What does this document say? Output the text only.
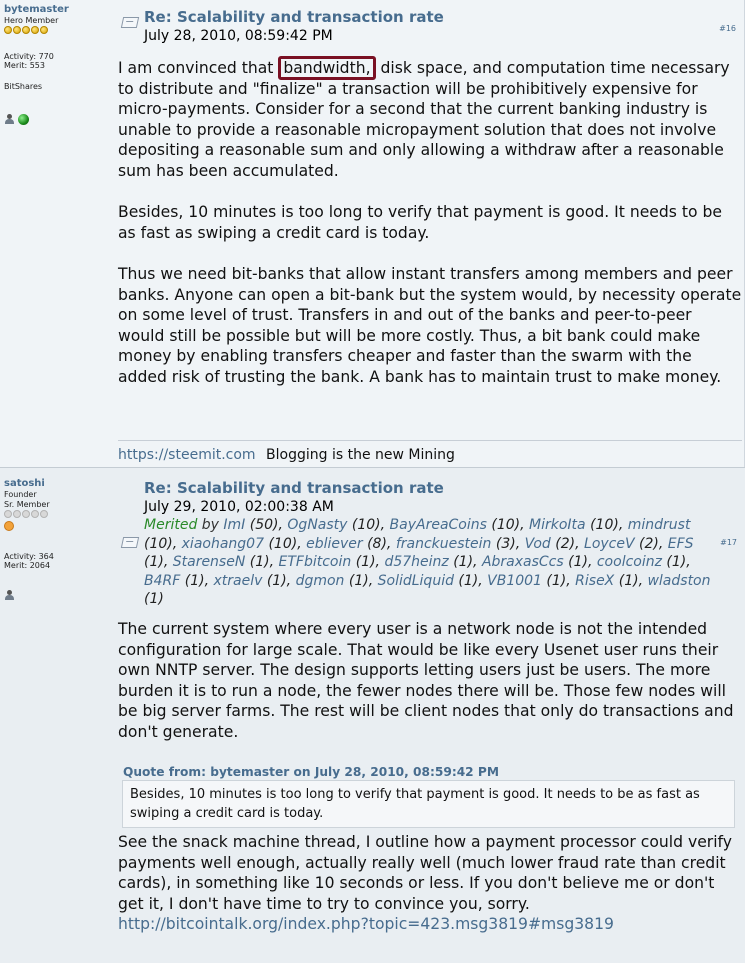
bytemaster
Hero Member
Activity: 770
Merit: 553
BitShares
Re: Scalability and transaction rate
July 28, 2010, 08:59:42 PM	#16

I am convinced that bandwidth, disk space, and computation time necessary to distribute and "finalize" a transaction will be prohibitively expensive for micro-payments. Consider for a second that the current banking industry is unable to provide a reasonable micropayment solution that does not involve depositing a reasonable sum and only allowing a withdraw after a reasonable sum has been accumulated.

Besides, 10 minutes is too long to verify that payment is good. It needs to be as fast as swiping a credit card is today.

Thus we need bit-banks that allow instant transfers among members and peer banks. Anyone can open a bit-bank but the system would, by necessity operate on some level of trust. Transfers in and out of the banks and peer-to-peer would still be possible but will be more costly. Thus, a bit bank could make money by enabling transfers cheaper and faster than the swarm with the added risk of trusting the bank. A bank has to maintain trust to make money.

https://steemit.com Blogging is the new Mining
satoshi
Founder
Sr. Member
Activity: 364
Merit: 2064
Re: Scalability and transaction rate
July 29, 2010, 02:00:38 AM
#17
Merited by ImI (50), OgNasty (10), BayAreaCoins (10), MirkoIta (10), mindrust (10), xiaohang07 (10), ebliever (8), franckuestein (3), Vod (2), LoyceV (2), EFS (1), StarenseN (1), ETFbitcoin (1), d57heinz (1), AbraxasCcs (1), coolcoinz (1), B4RF (1), xtraelv (1), dgmon (1), SolidLiquid (1), VB1001 (1), RiseX (1), wladston (1)

The current system where every user is a network node is not the intended configuration for large scale. That would be like every Usenet user runs their own NNTP server. The design supports letting users just be users. The more burden it is to run a node, the fewer nodes there will be. Those few nodes will be big server farms. The rest will be client nodes that only do transactions and don't generate.

Quote from: bytemaster on July 28, 2010, 08:59:42 PM
Besides, 10 minutes is too long to verify that payment is good. It needs to be as fast as swiping a credit card is today.

See the snack machine thread, I outline how a payment processor could verify payments well enough, actually really well (much lower fraud rate than credit cards), in something like 10 seconds or less. If you don't believe me or don't get it, I don't have time to try to convince you, sorry.

http://bitcointalk.org/index.php?topic=423.msg3819#msg3819
